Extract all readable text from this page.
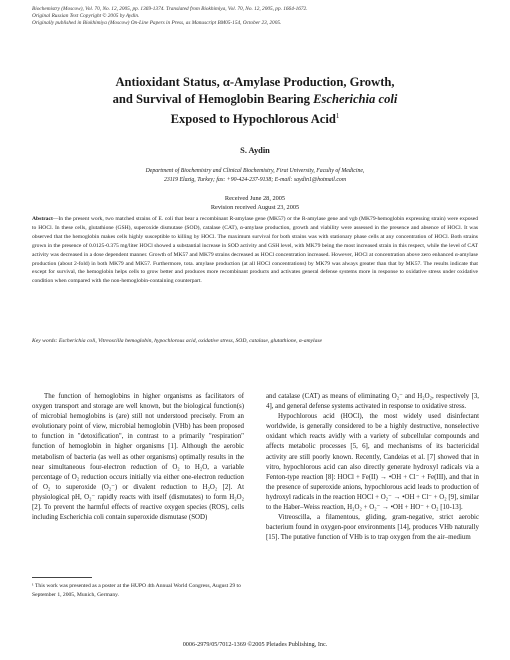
Biochemistry (Moscow), Vol. 70, No. 12, 2005, pp. 1369-1374. Translated from Biokhimiya, Vol. 70, No. 12, 2005, pp. 1664-1672.
Original Russian Text Copyright © 2005 by Aydin.
Originally published in Biokhimiya (Moscow) On-Line Papers in Press, as Manuscript BM05-154, October 23, 2005.
Antioxidant Status, α-Amylase Production, Growth,
and Survival of Hemoglobin Bearing Escherichia coli
Exposed to Hypochlorous Acid$^1$
S. Aydin
Department of Biochemistry and Clinical Biochemistry, Firat University, Faculty of Medicine,
23119 Elazig, Turkey; fax: +90-424-237-9138; E-mail: saydin1@hotmail.com
Received June 28, 2005
Revision received August 23, 2005
Abstract—In the present work, two matched strains of E. coli that bear a recombinant R-amylase gene (MK57) or the R-amylase gene and vgb (MK79-hemoglobin expressing strain) were exposed to HOCl. In these cells, glutathione (GSH), superoxide dismutase (SOD), catalase (CAT), α-amylase production, growth and viability were assessed in the presence and absence of HOCl. It was observed that the hemoglobin makes cells highly susceptible to killing by HOCl. The maximum survival for both strains was with stationary phase cells at any concentration of HOCl. Both strains grown in the presence of 0.0125-0.375 mg/liter HOCl showed a substantial increase in SOD activity and GSH level, with MK79 being the most increased strain in this respect, while the level of CAT activity was decreased in a dose dependent manner. Growth of MK57 and MK79 strains decreased as HOCl concentration increased. However, HOCl at concentration above zero enhanced α-amylase production (about 2-fold) in both MK79 and MK57. Furthermore, tota. amylase production (at all HOCl concentrations) by MK79 was always greater than that by MK57. The results indicate that except for survival, the hemoglobin helps cells to grow better and produces more recombinant products and activates general defense systems more in response to oxidative stress under oxidative condition when compared with the non-hemoglobin-containing counterpart.
Key words: Escherichia coli, Vitreoscilla hemoglobin, hypochlorous acid, oxidative stress, SOD, catalase, glutathione, α-amylase

The function of hemoglobins in higher organisms as facilitators of oxygen transport and storage are well known, but the biological function(s) of microbial hemoglobins is (are) still not understood precisely. From an evolutionary point of view, microbial hemoglobin (VHb) has been proposed to function in "detoxification", in contrast to a primarily "respiration" function of hemoglobin in higher organisms [1]. Although the aerobic metabolism of bacteria (as well as other organisms) optimally results in the near simultaneous four-electron reduction of O₂ to H₂O, a variable percentage of O₂ reduction occurs initially via either one-electron reduction of O₂ to superoxide (O₂⁻) or divalent reduction to H₂O₂ [2]. At physiological pH, O₂⁻ rapidly reacts with itself (dismutates) to form H₂O₂ [2]. To prevent the harmful effects of reactive oxygen species (ROS), cells including Escherichia coli contain superoxide dismutase (SOD)

and catalase (CAT) as means of eliminating O₂⁻ and H₂O₂, respectively [3, 4], and general defense systems activated in response to oxidative stress.

Hypochlorous acid (HOCl), the most widely used disinfectant worldwide, is generally considered to be a highly destructive, nonselective oxidant which reacts avidly with a variety of subcellular compounds and affects metabolic processes [5, 6], and mechanisms of its bactericidal activity are still poorly known. Recently, Candeias et al. [7] showed that in vitro, hypochlorous acid can also directly generate hydroxyl radicals via a Fenton-type reaction [8]: HOCl + Fe(II) → •OH + Cl⁻ + Fe(III), and that in the presence of superoxide anions, hypochlorous acid leads to production of hydroxyl radicals in the reaction HOCl + O₂⁻ → •OH + Cl⁻ + O₂ [9], similar to the Haber–Weiss reaction, H₂O₂ + O₂⁻ → •OH + HO⁻ + O₂ [10-13].

Vitreoscilla, a filamentous, gliding, gram-negative, strict aerobic bacterium found in oxygen-poor environments [14], produces VHb naturally [15]. The putative function of VHb is to trap oxygen from the air–medium

¹ This work was presented as a poster at the HUPO 4th Annual World Congress, August 29 to September 1, 2005, Munich, Germany.
0006-2979/05/7012-1369 ©2005 Pleiades Publishing, Inc.
